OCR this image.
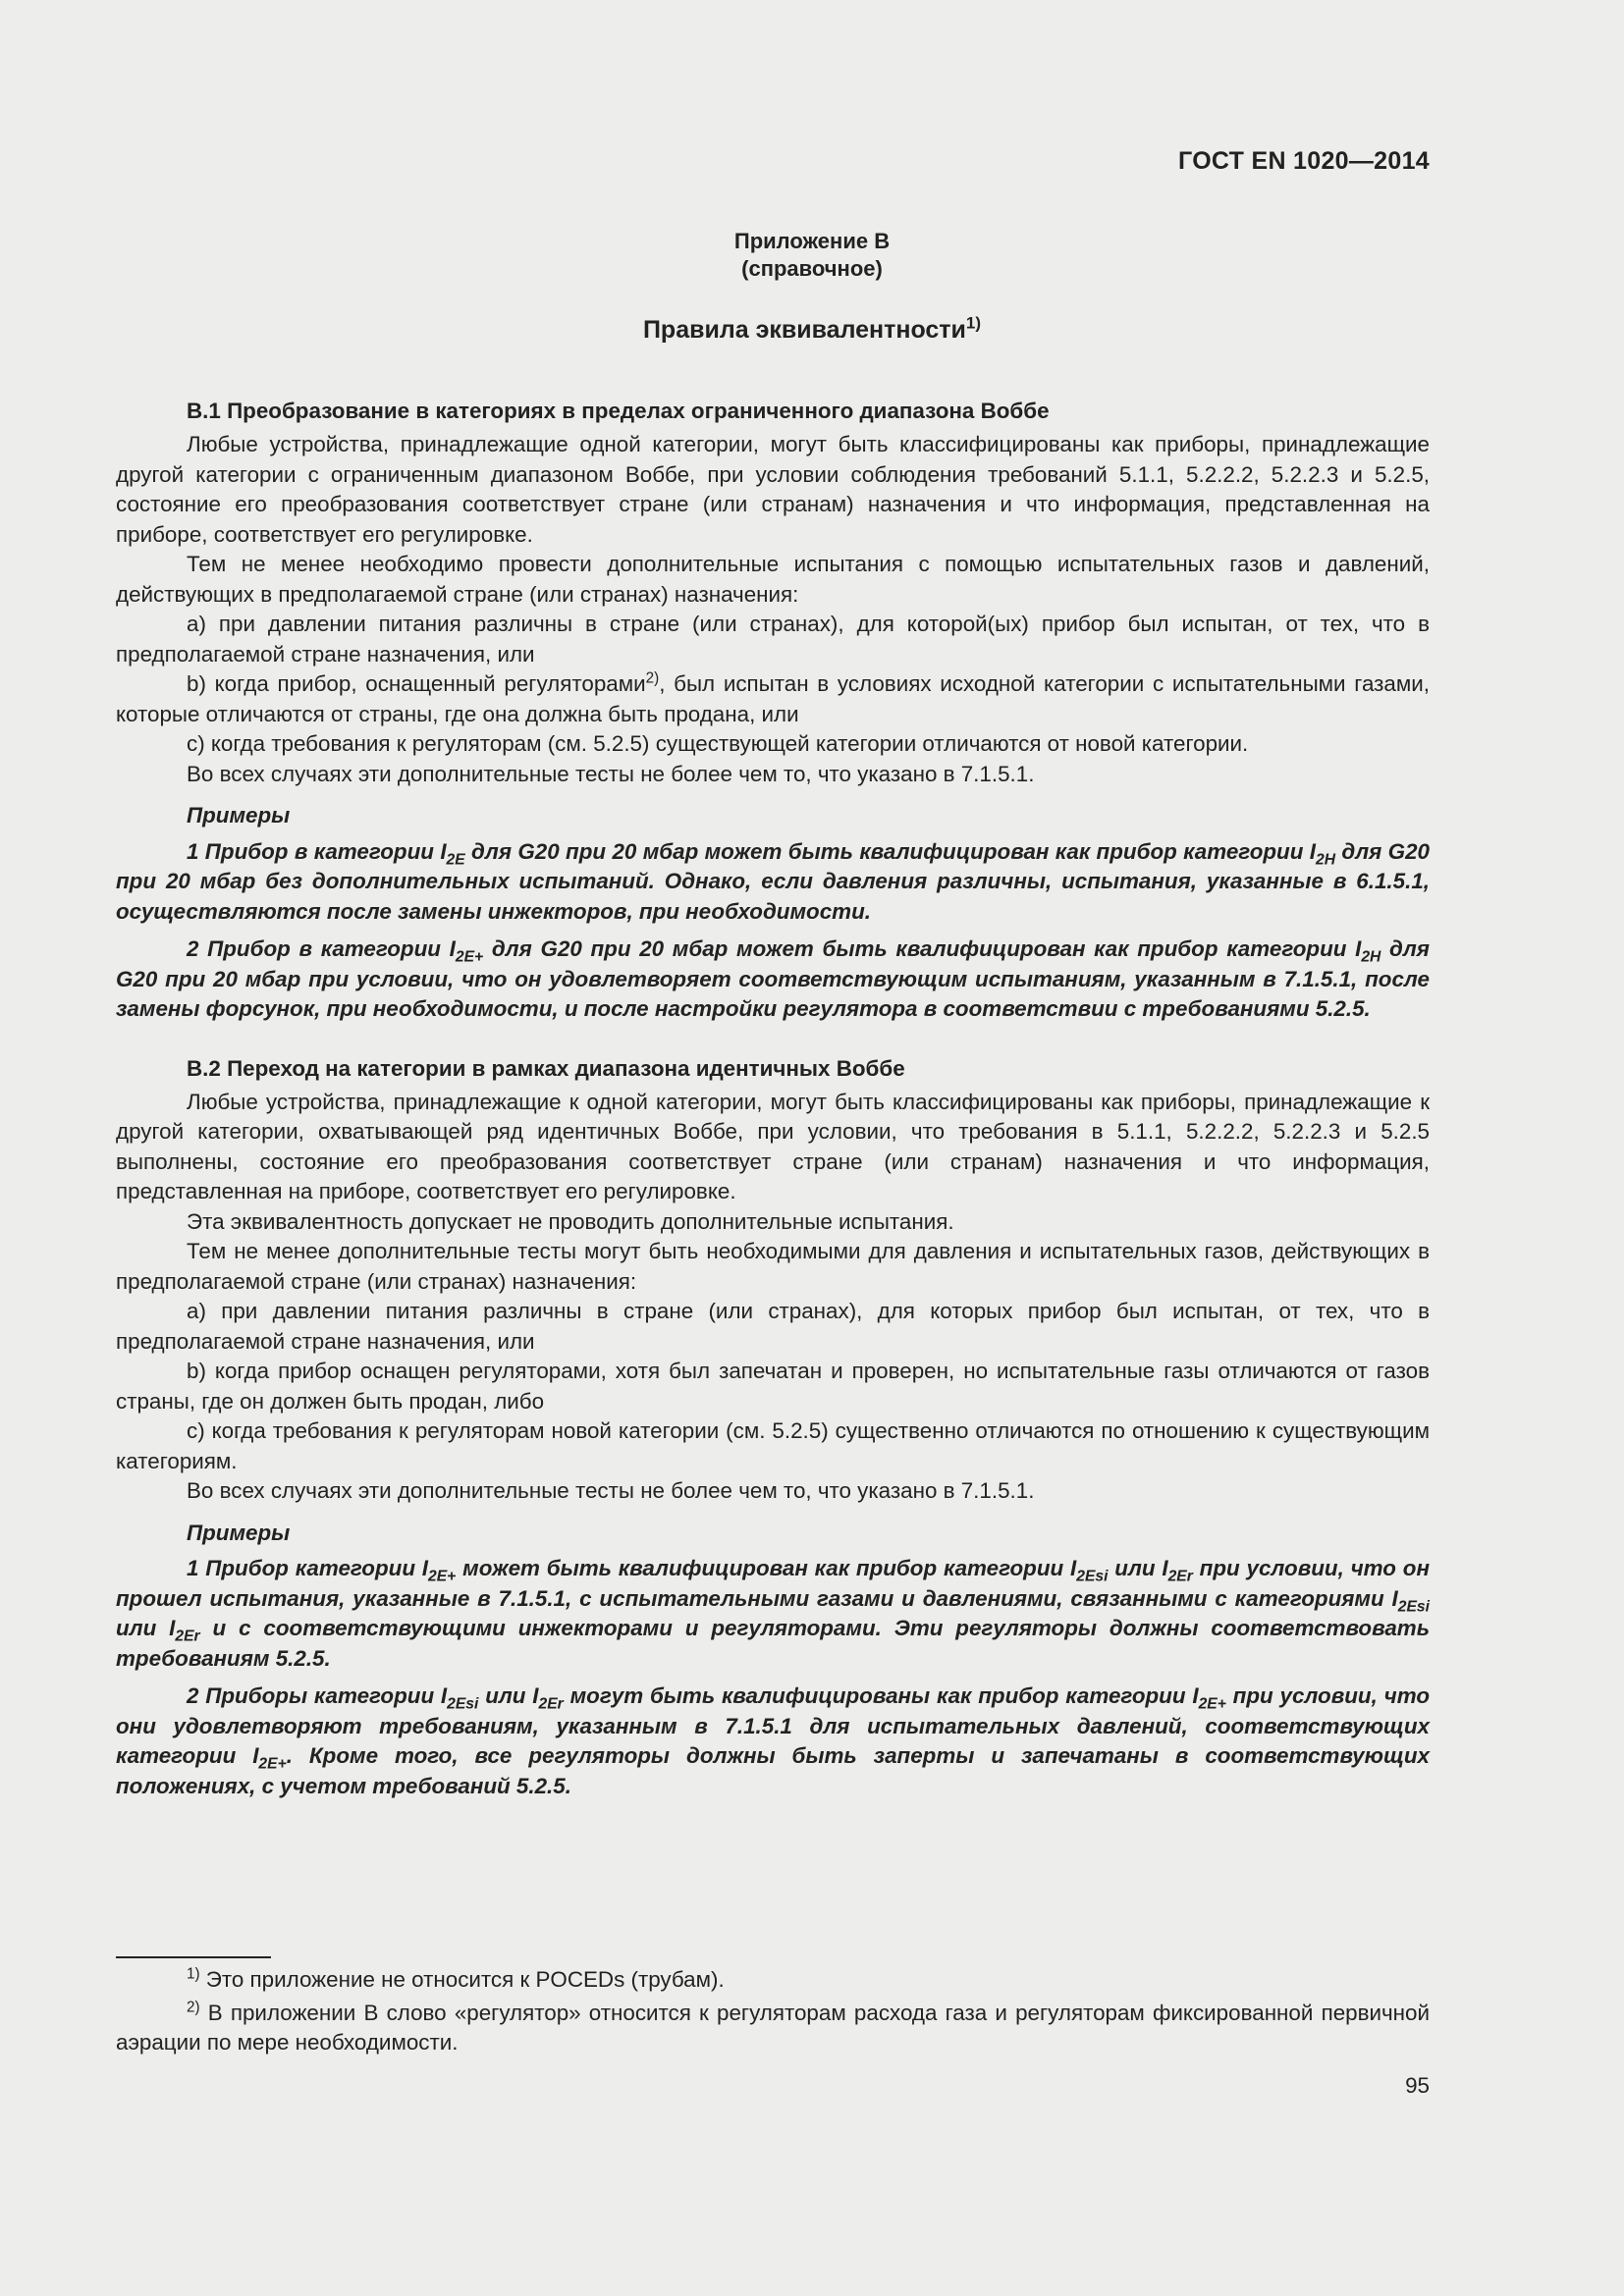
ГОСТ EN 1020—2014
Приложение B
(справочное)
Правила эквивалентности$^{1)}$
B.1 Преобразование в категориях в пределах ограниченного диапазона Воббе

Любые устройства, принадлежащие одной категории, могут быть классифицированы как приборы, принадлежащие другой категории с ограниченным диапазоном Воббе, при условии соблюдения требований 5.1.1, 5.2.2.2, 5.2.2.3 и 5.2.5, состояние его преобразования соответствует стране (или странам) назначения и что информация, представленная на приборе, соответствует его регулировке.

Тем не менее необходимо провести дополнительные испытания с помощью испытательных газов и давлений, действующих в предполагаемой стране (или странах) назначения:

a) при давлении питания различны в стране (или странах), для которой(ых) прибор был испытан, от тех, что в предполагаемой стране назначения, или

b) когда прибор, оснащенный регуляторами$^{2)}$, был испытан в условиях исходной категории с испытательными газами, которые отличаются от страны, где она должна быть продана, или

c) когда требования к регуляторам (см. 5.2.5) существующей категории отличаются от новой категории.

Во всех случаях эти дополнительные тесты не более чем то, что указано в 7.1.5.1.

Примеры

1 Прибор в категории $I_{2E}$ для G20 при 20 мбар может быть квалифицирован как прибор категории $I_{2H}$ для G20 при 20 мбар без дополнительных испытаний. Однако, если давления различны, испытания, указанные в 6.1.5.1, осуществляются после замены инжекторов, при необходимости.

2 Прибор в категории $I_{2E+}$ для G20 при 20 мбар может быть квалифицирован как прибор категории $I_{2H}$ для G20 при 20 мбар при условии, что он удовлетворяет соответствующим испытаниям, указанным в 7.1.5.1, после замены форсунок, при необходимости, и после настройки регулятора в соответствии с требованиями 5.2.5.

B.2 Переход на категории в рамках диапазона идентичных Воббе

Любые устройства, принадлежащие к одной категории, могут быть классифицированы как приборы, принадлежащие к другой категории, охватывающей ряд идентичных Воббе, при условии, что требования в 5.1.1, 5.2.2.2, 5.2.2.3 и 5.2.5 выполнены, состояние его преобразования соответствует стране (или странам) назначения и что информация, представленная на приборе, соответствует его регулировке.

Эта эквивалентность допускает не проводить дополнительные испытания.

Тем не менее дополнительные тесты могут быть необходимыми для давления и испытательных газов, действующих в предполагаемой стране (или странах) назначения:

a) при давлении питания различны в стране (или странах), для которых прибор был испытан, от тех, что в предполагаемой стране назначения, или

b) когда прибор оснащен регуляторами, хотя был запечатан и проверен, но испытательные газы отличаются от газов страны, где он должен быть продан, либо

c) когда требования к регуляторам новой категории (см. 5.2.5) существенно отличаются по отношению к существующим категориям.

Во всех случаях эти дополнительные тесты не более чем то, что указано в 7.1.5.1.

Примеры

1 Прибор категории $I_{2E+}$ может быть квалифицирован как прибор категории $I_{2Esi}$ или $I_{2Er}$ при условии, что он прошел испытания, указанные в 7.1.5.1, с испытательными газами и давлениями, связанными с категориями $I_{2Esi}$ или $I_{2Er}$ и с соответствующими инжекторами и регуляторами. Эти регуляторы должны соответствовать требованиям 5.2.5.

2 Приборы категории $I_{2Esi}$ или $I_{2Er}$ могут быть квалифицированы как прибор категории $I_{2E+}$ при условии, что они удовлетворяют требованиям, указанным в 7.1.5.1 для испытательных давлений, соответствующих категории $I_{2E+}$. Кроме того, все регуляторы должны быть заперты и запечатаны в соответствующих положениях, с учетом требований 5.2.5.

$^{1)}$ Это приложение не относится к POCEDs (трубам).

$^{2)}$ В приложении B слово «регулятор» относится к регуляторам расхода газа и регуляторам фиксированной первичной аэрации по мере необходимости.

95
